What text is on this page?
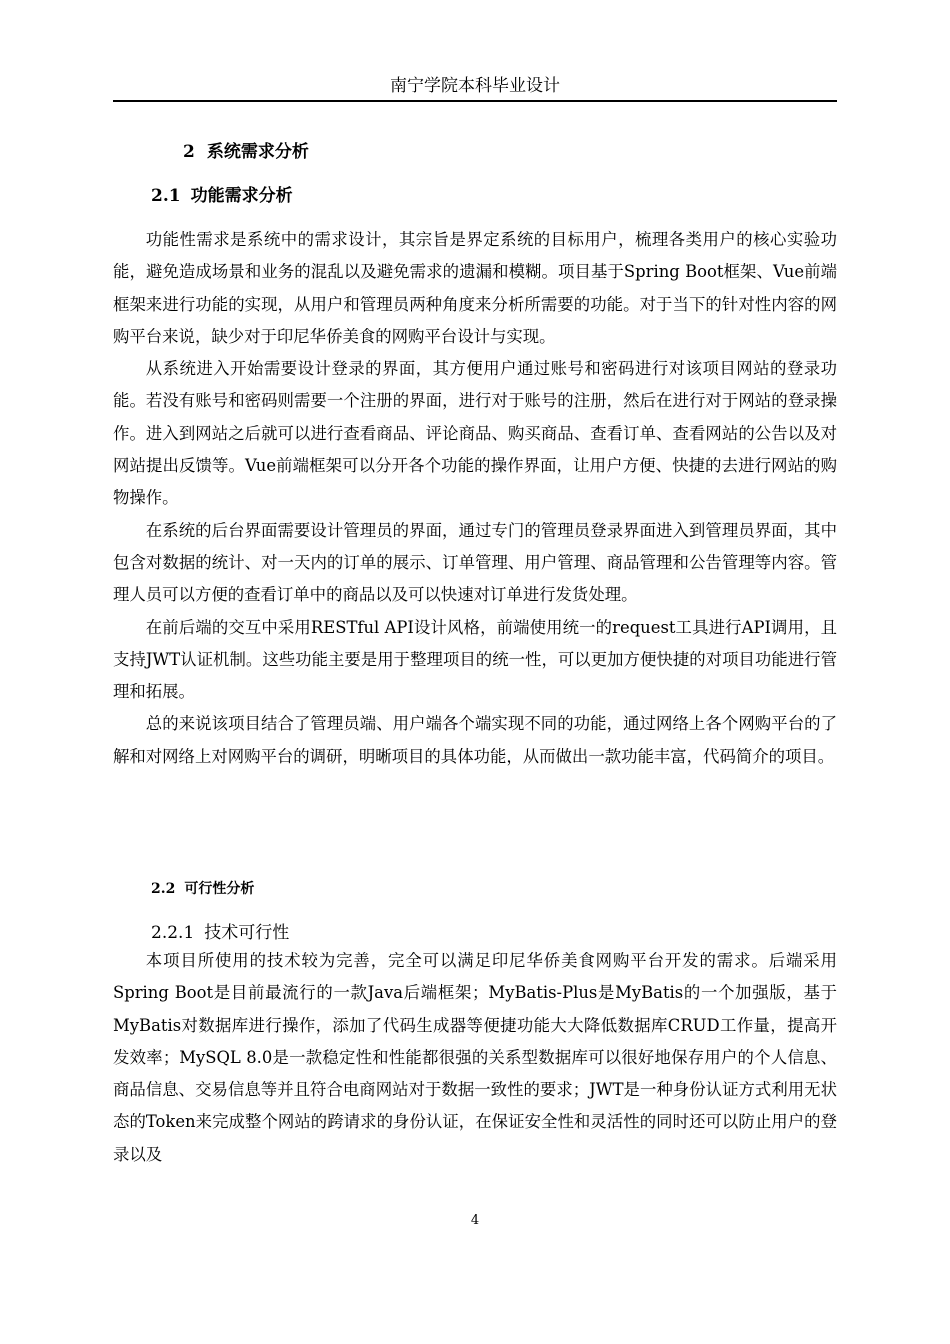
南宁学院本科毕业设计
2 系统需求分析
2.1 功能需求分析

功能性需求是系统中的需求设计，其宗旨是界定系统的目标用户，梳理各类用户的核心实验功能，避免造成场景和业务的混乱以及避免需求的遗漏和模糊。项目基于Spring Boot框架、Vue前端框架来进行功能的实现，从用户和管理员两种角度来分析所需要的功能。对于当下的针对性内容的网购平台来说，缺少对于印尼华侨美食的网购平台设计与实现。

从系统进入开始需要设计登录的界面，其方便用户通过账号和密码进行对该项目网站的登录功能。若没有账号和密码则需要一个注册的界面，进行对于账号的注册，然后在进行对于网站的登录操作。进入到网站之后就可以进行查看商品、评论商品、购买商品、查看订单、查看网站的公告以及对网站提出反馈等。Vue前端框架可以分开各个功能的操作界面，让用户方便、快捷的去进行网站的购物操作。

在系统的后台界面需要设计管理员的界面，通过专门的管理员登录界面进入到管理员界面，其中包含对数据的统计、对一天内的订单的展示、订单管理、用户管理、商品管理和公告管理等内容。管理人员可以方便的查看订单中的商品以及可以快速对订单进行发货处理。

在前后端的交互中采用RESTful API设计风格，前端使用统一的request工具进行API调用，且支持JWT认证机制。这些功能主要是用于整理项目的统一性，可以更加方便快捷的对项目功能进行管理和拓展。

总的来说该项目结合了管理员端、用户端各个端实现不同的功能，通过网络上各个网购平台的了解和对网络上对网购平台的调研，明晰项目的具体功能，从而做出一款功能丰富，代码简介的项目。

2.2 可行性分析
2.2.1 技术可行性

本项目所使用的技术较为完善，完全可以满足印尼华侨美食网购平台开发的需求。后端采用Spring Boot是目前最流行的一款Java后端框架；MyBatis-Plus是MyBatis的一个加强版，基于MyBatis对数据库进行操作，添加了代码生成器等便捷功能大大降低数据库CRUD工作量，提高开发效率；MySQL 8.0是一款稳定性和性能都很强的关系型数据库可以很好地保存用户的个人信息、商品信息、交易信息等并且符合电商网站对于数据一致性的要求；JWT是一种身份认证方式利用无状态的Token来完成整个网站的跨请求的身份认证，在保证安全性和灵活性的同时还可以防止用户的登录以及

4
